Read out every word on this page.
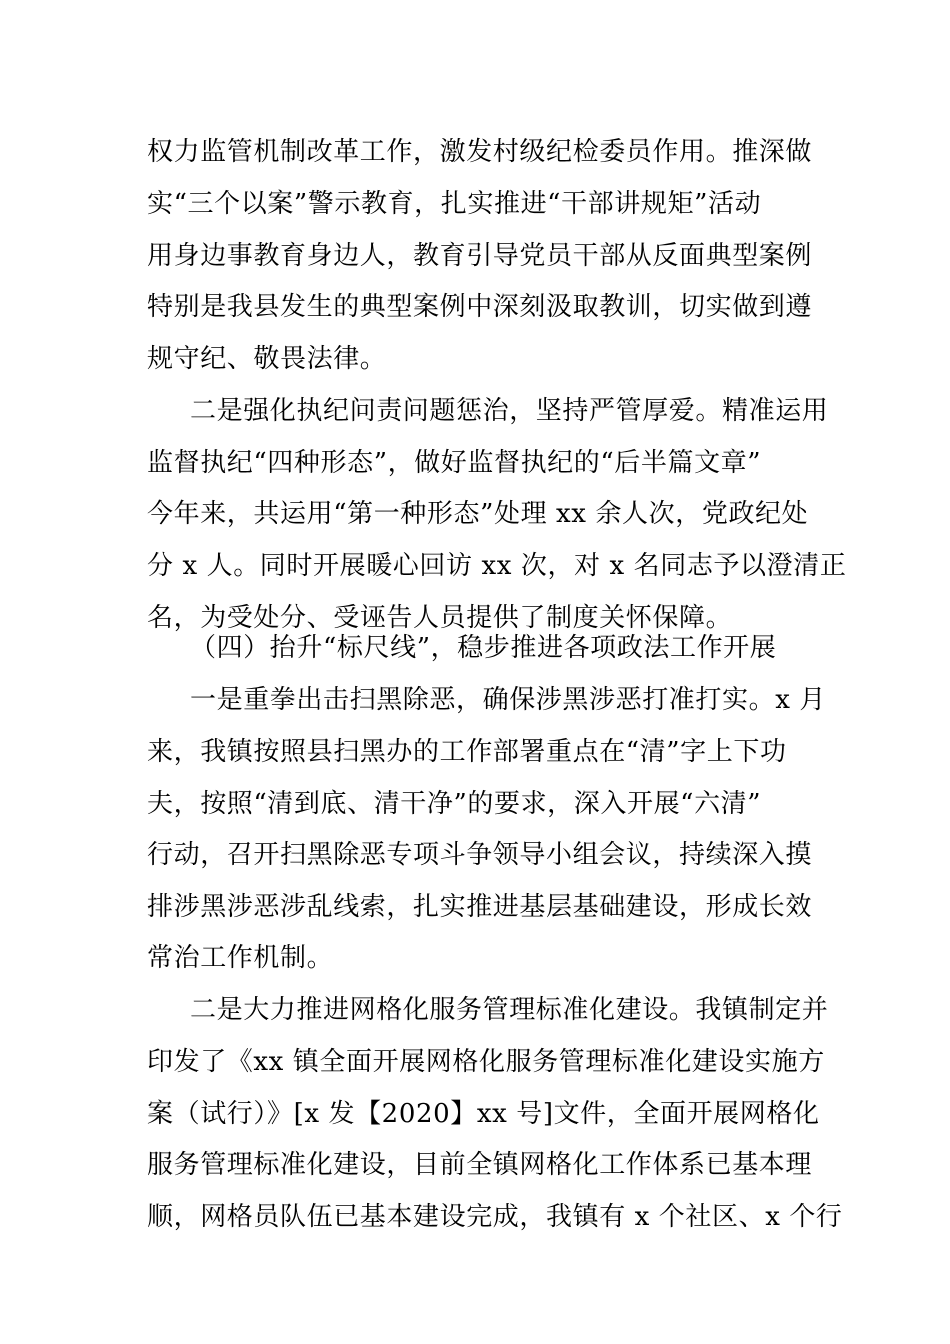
权力监管机制改革工作，激发村级纪检委员作用。推深做
实“三个以案”警示教育，扎实推进“干部讲规矩”活动
用身边事教育身边人，教育引导党员干部从反面典型案例
特别是我县发生的典型案例中深刻汲取教训，切实做到遵
规守纪、敬畏法律。
二是强化执纪问责问题惩治，坚持严管厚爱。精准运用
监督执纪“四种形态”，做好监督执纪的“后半篇文章”
今年来，共运用“第一种形态”处理 xx 余人次，党政纪处
分 x 人。同时开展暖心回访 xx 次，对 x 名同志予以澄清正
名，为受处分、受诬告人员提供了制度关怀保障。
（四）抬升“标尺线”，稳步推进各项政法工作开展
一是重拳出击扫黑除恶，确保涉黑涉恶打准打实。x 月
来，我镇按照县扫黑办的工作部署重点在“清”字上下功
夫，按照“清到底、清干净”的要求，深入开展“六清”
行动，召开扫黑除恶专项斗争领导小组会议，持续深入摸
排涉黑涉恶涉乱线索，扎实推进基层基础建设，形成长效
常治工作机制。
二是大力推进网格化服务管理标准化建设。我镇制定并
印发了《xx 镇全面开展网格化服务管理标准化建设实施方
案（试行）》[x 发【2020】xx 号]文件，全面开展网格化
服务管理标准化建设，目前全镇网格化工作体系已基本理
顺，网格员队伍已基本建设完成，我镇有 x 个社区、x 个行
